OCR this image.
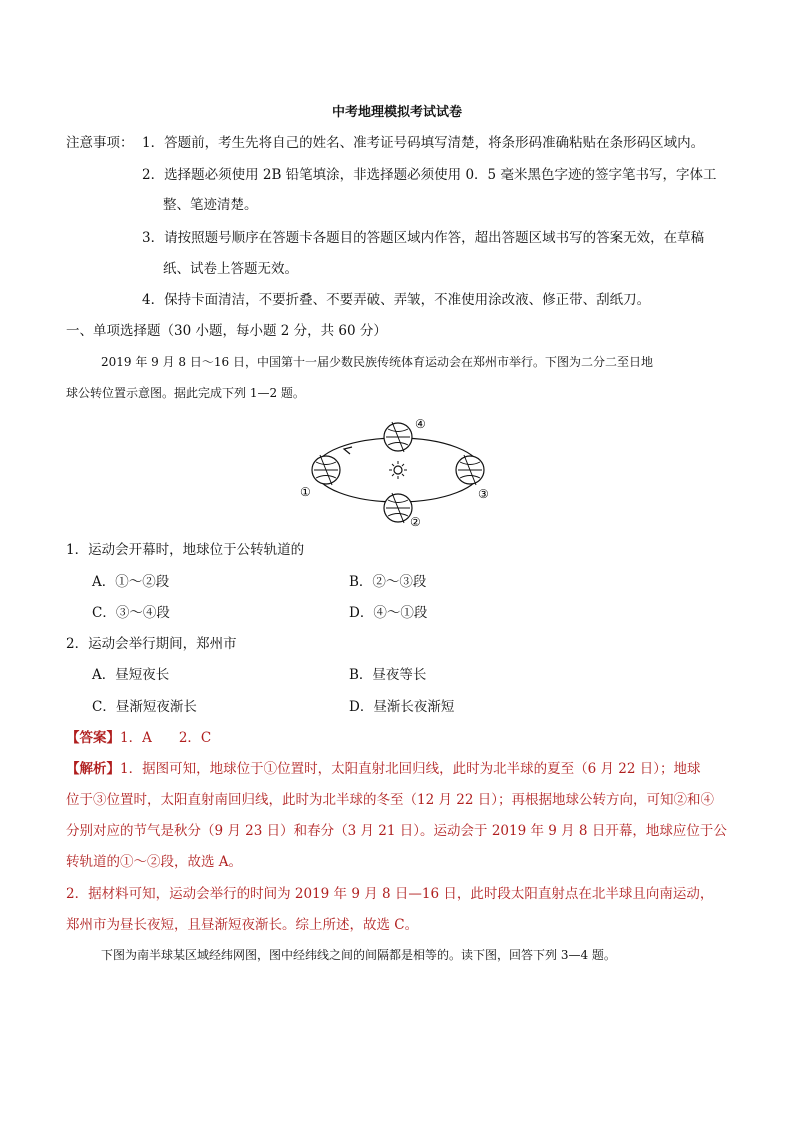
中考地理模拟考试试卷
注意事项： 1．答题前，考生先将自己的姓名、准考证号码填写清楚，将条形码准确粘贴在条形码区域内。
2．选择题必须使用 2B 铅笔填涂，非选择题必须使用 0．5 毫米黑色字迹的签字笔书写，字体工
整、笔迹清楚。
3．请按照题号顺序在答题卡各题目的答题区域内作答，超出答题区域书写的答案无效，在草稿
纸、试卷上答题无效。
4．保持卡面清洁，不要折叠、不要弄破、弄皱，不准使用涂改液、修正带、刮纸刀。
一、单项选择题（30 小题，每小题 2 分，共 60 分）
2019 年 9 月 8 日～16 日，中国第十一届少数民族传统体育运动会在郑州市举行。下图为二分二至日地
球公转位置示意图。据此完成下列 1—2 题。
①
②
③
④
1．运动会开幕时，地球位于公转轨道的
A．①～②段	B．②～③段
C．③～④段	D．④～①段
2．运动会举行期间，郑州市
A．昼短夜长	B．昼夜等长
C．昼渐短夜渐长	D．昼渐长夜渐短
【答案】1．A　　2．C
【解析】1．据图可知，地球位于①位置时，太阳直射北回归线，此时为北半球的夏至（6 月 22 日）；地球
位于③位置时，太阳直射南回归线，此时为北半球的冬至（12 月 22 日）；再根据地球公转方向，可知②和④
分别对应的节气是秋分（9 月 23 日）和春分（3 月 21 日）。运动会于 2019 年 9 月 8 日开幕，地球应位于公
转轨道的①～②段，故选 A。
2．据材料可知，运动会举行的时间为 2019 年 9 月 8 日—16 日，此时段太阳直射点在北半球且向南运动，
郑州市为昼长夜短，且昼渐短夜渐长。综上所述，故选 C。
下图为南半球某区域经纬网图，图中经纬线之间的间隔都是相等的。读下图，回答下列 3—4 题。
